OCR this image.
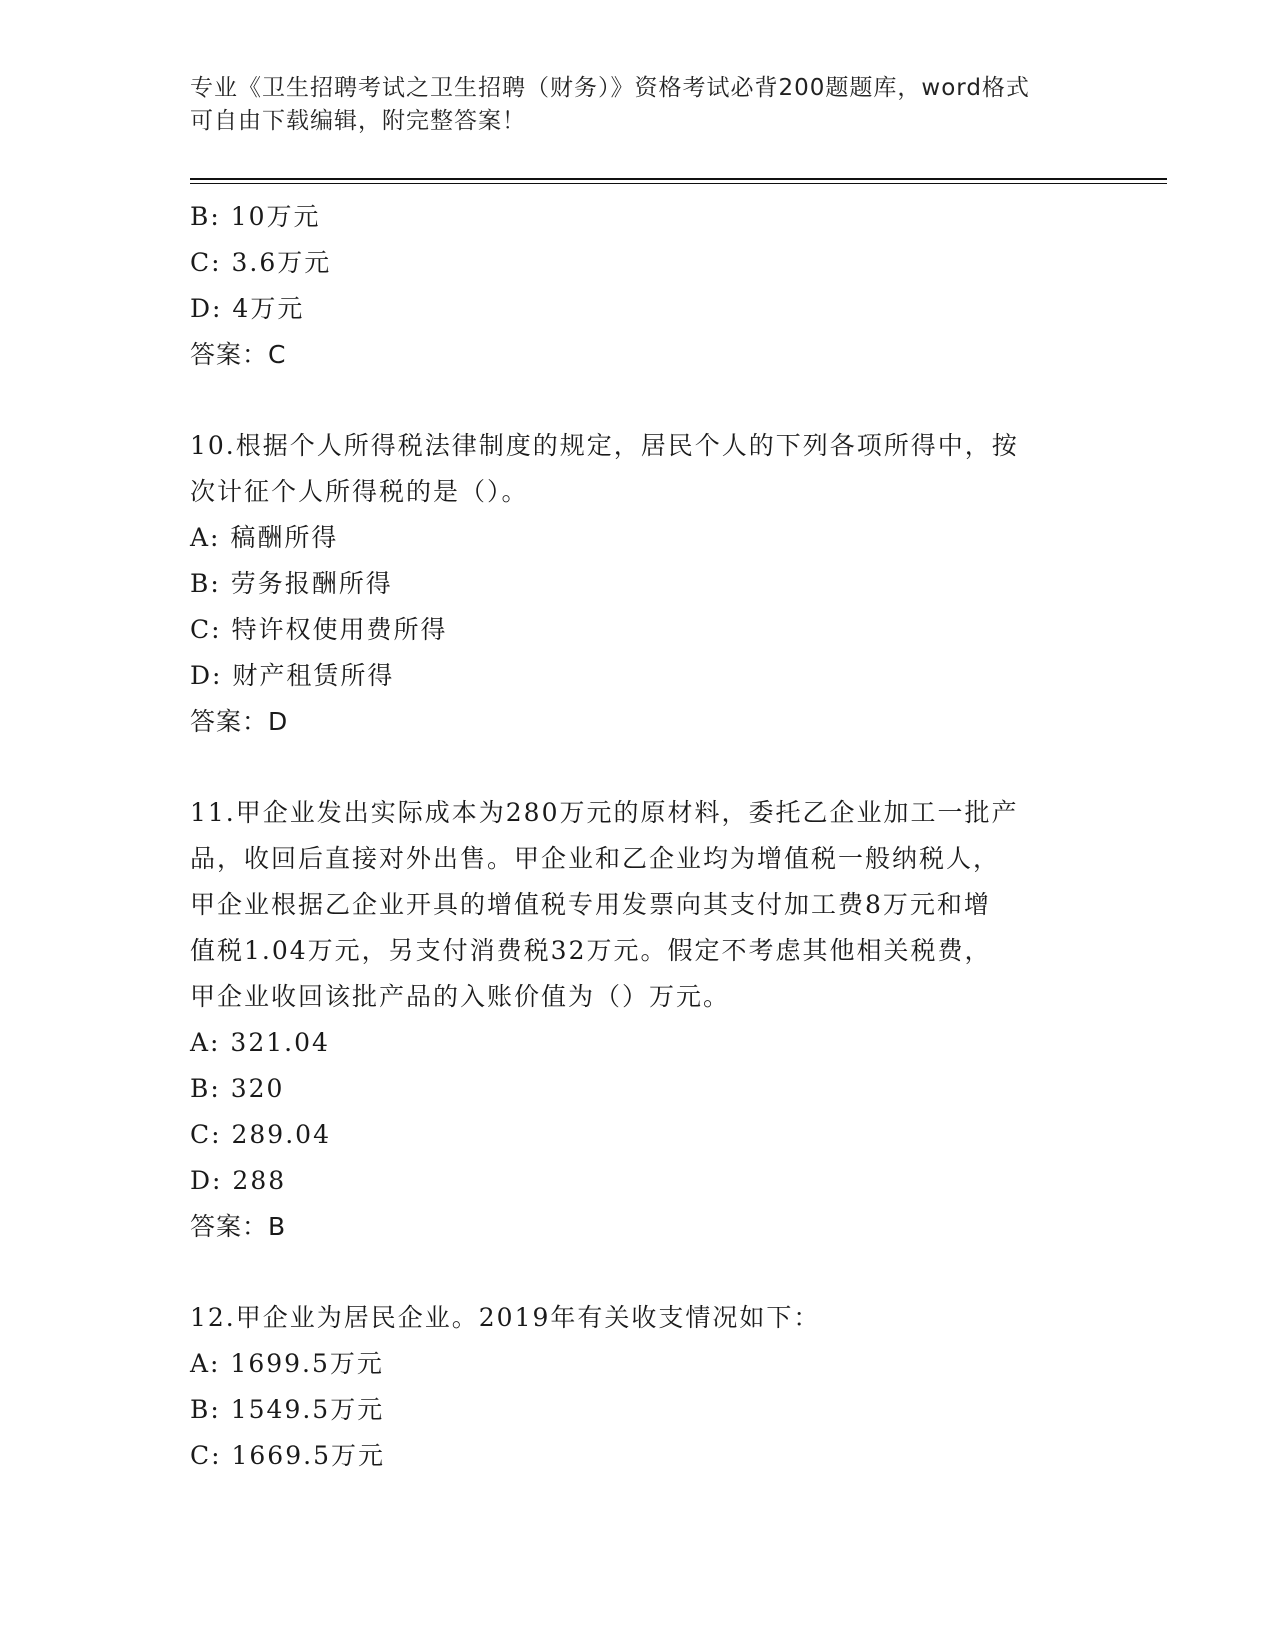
专业《卫生招聘考试之卫生招聘（财务）》资格考试必背200题题库，word格式
可自由下载编辑，附完整答案！
B: 10万元
C: 3.6万元
D: 4万元
答案：C
10.根据个人所得税法律制度的规定，居民个人的下列各项所得中，按
次计征个人所得税的是（）。
A: 稿酬所得
B: 劳务报酬所得
C: 特许权使用费所得
D: 财产租赁所得
答案：D
11.甲企业发出实际成本为280万元的原材料，委托乙企业加工一批产
品，收回后直接对外出售。甲企业和乙企业均为增值税一般纳税人，
甲企业根据乙企业开具的增值税专用发票向其支付加工费8万元和增
值税1.04万元，另支付消费税32万元。假定不考虑其他相关税费，
甲企业收回该批产品的入账价值为（）万元。
A: 321.04
B: 320
C: 289.04
D: 288
答案：B
12.甲企业为居民企业。2019年有关收支情况如下：
A: 1699.5万元
B: 1549.5万元
C: 1669.5万元
